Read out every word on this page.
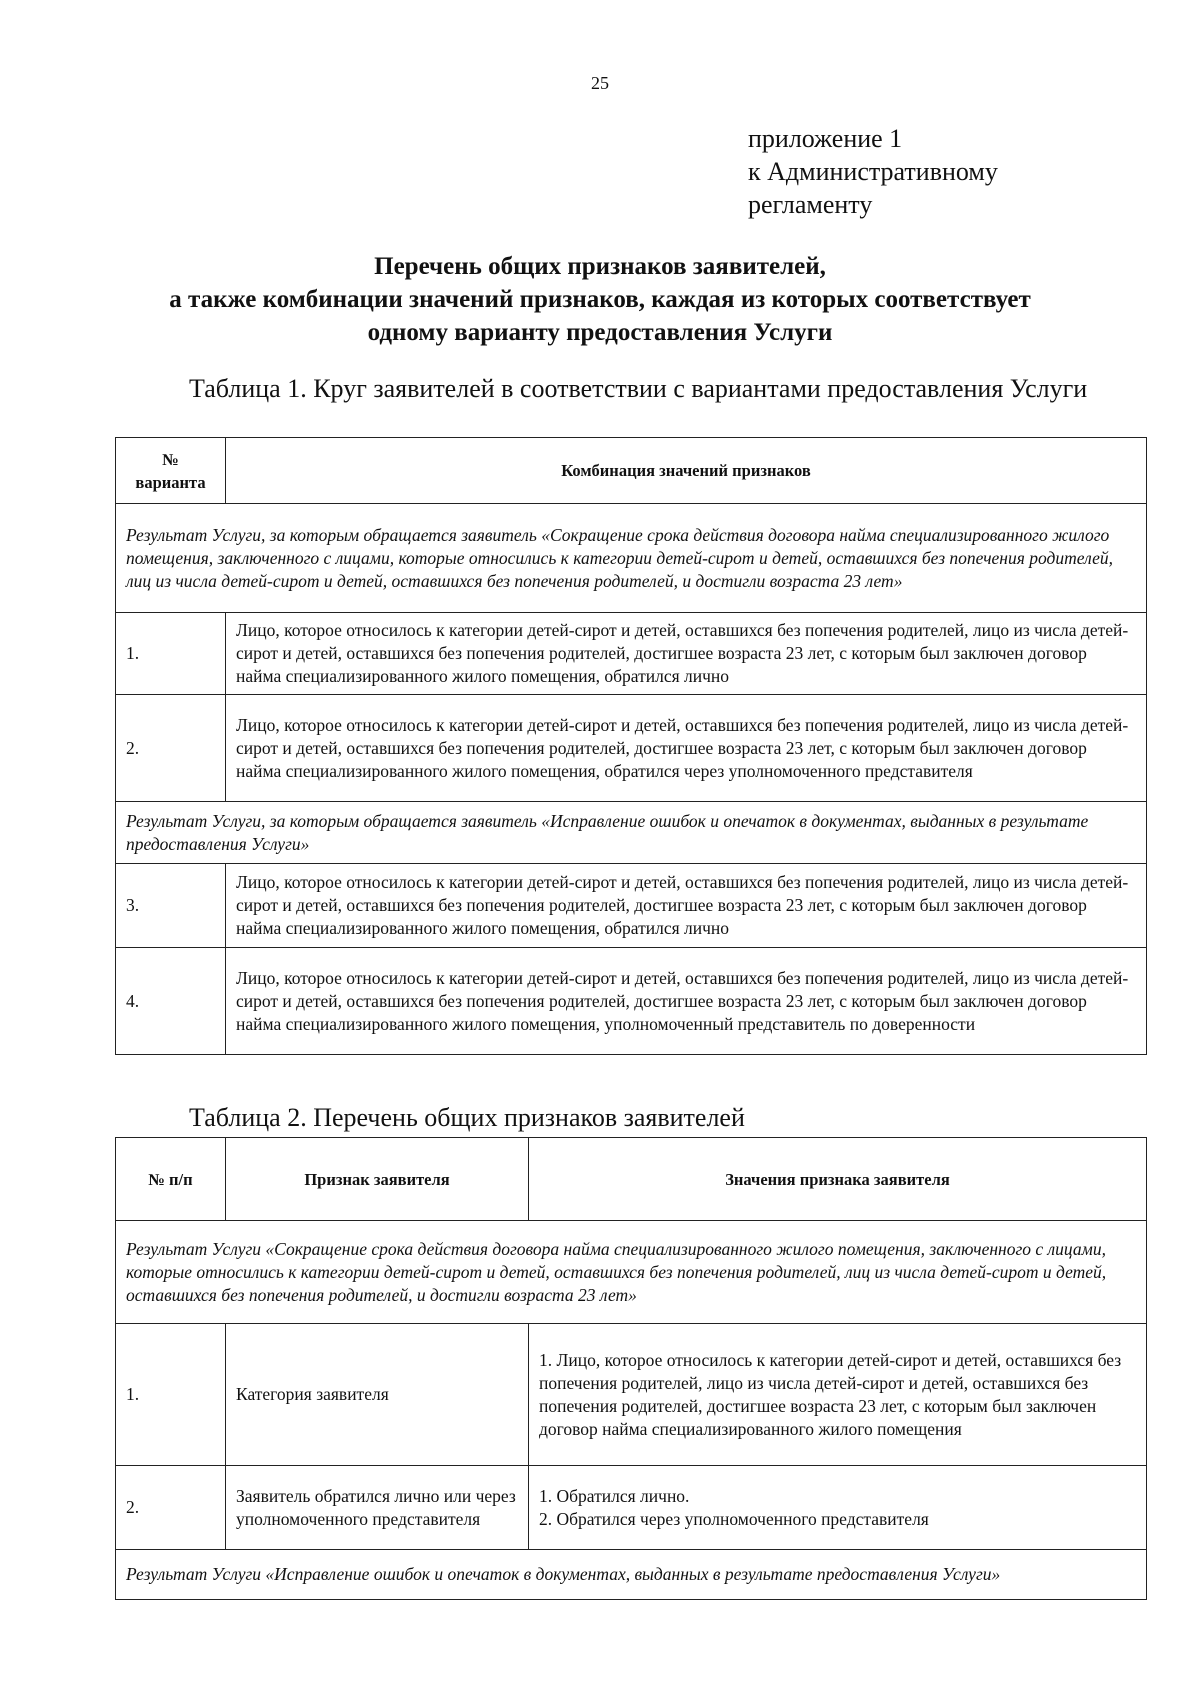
25
приложение 1
к Административному
регламенту
Перечень общих признаков заявителей,
а также комбинации значений признаков, каждая из которых соответствует
одному варианту предоставления Услуги

Таблица 1. Круг заявителей в соответствии с вариантами предоставления Услуги

№ варианта	Комбинация значений признаков
Результат Услуги, за которым обращается заявитель «Сокращение срока действия договора найма специализированного жилого помещения, заключенного с лицами, которые относились к категории детей-сирот и детей, оставшихся без попечения родителей, лиц из числа детей-сирот и детей, оставшихся без попечения родителей, и достигли возраста 23 лет»	
1.	Лицо, которое относилось к категории детей-сирот и детей, оставшихся без попечения родителей, лицо из числа детей-сирот и детей, оставшихся без попечения родителей, достигшее возраста 23 лет, с которым был заключен договор найма специализированного жилого помещения, обратился лично
2.	Лицо, которое относилось к категории детей-сирот и детей, оставшихся без попечения родителей, лицо из числа детей-сирот и детей, оставшихся без попечения родителей, достигшее возраста 23 лет, с которым был заключен договор найма специализированного жилого помещения, обратился через уполномоченного представителя
Результат Услуги, за которым обращается заявитель «Исправление ошибок и опечаток в документах, выданных в результате предоставления Услуги»	
3.	Лицо, которое относилось к категории детей-сирот и детей, оставшихся без попечения родителей, лицо из числа детей-сирот и детей, оставшихся без попечения родителей, достигшее возраста 23 лет, с которым был заключен договор найма специализированного жилого помещения, обратился лично
4.	Лицо, которое относилось к категории детей-сирот и детей, оставшихся без попечения родителей, лицо из числа детей-сирот и детей, оставшихся без попечения родителей, достигшее возраста 23 лет, с которым был заключен договор найма специализированного жилого помещения, уполномоченный представитель по доверенности
Таблица 2. Перечень общих признаков заявителей
№ п/п	Признак заявителя	Значения признака заявителя
Результат Услуги «Сокращение срока действия договора найма специализированного жилого помещения, заключенного с лицами, которые относились к категории детей-сирот и детей, оставшихся без попечения родителей, лиц из числа детей-сирот и детей, оставшихся без попечения родителей, и достигли возраста 23 лет»		
1.	Категория заявителя	1. Лицо, которое относилось к категории детей-сирот и детей, оставшихся без попечения родителей, лицо из числа детей-сирот и детей, оставшихся без попечения родителей, достигшее возраста 23 лет, с которым был заключен договор найма специализированного жилого помещения

2.	Заявитель обратился лично или через уполномоченного представителя	1. Обратился лично.
2. Обратился через уполномоченного представителя

Результат Услуги «Исправление ошибок и опечаток в документах, выданных в результате предоставления Услуги»		
